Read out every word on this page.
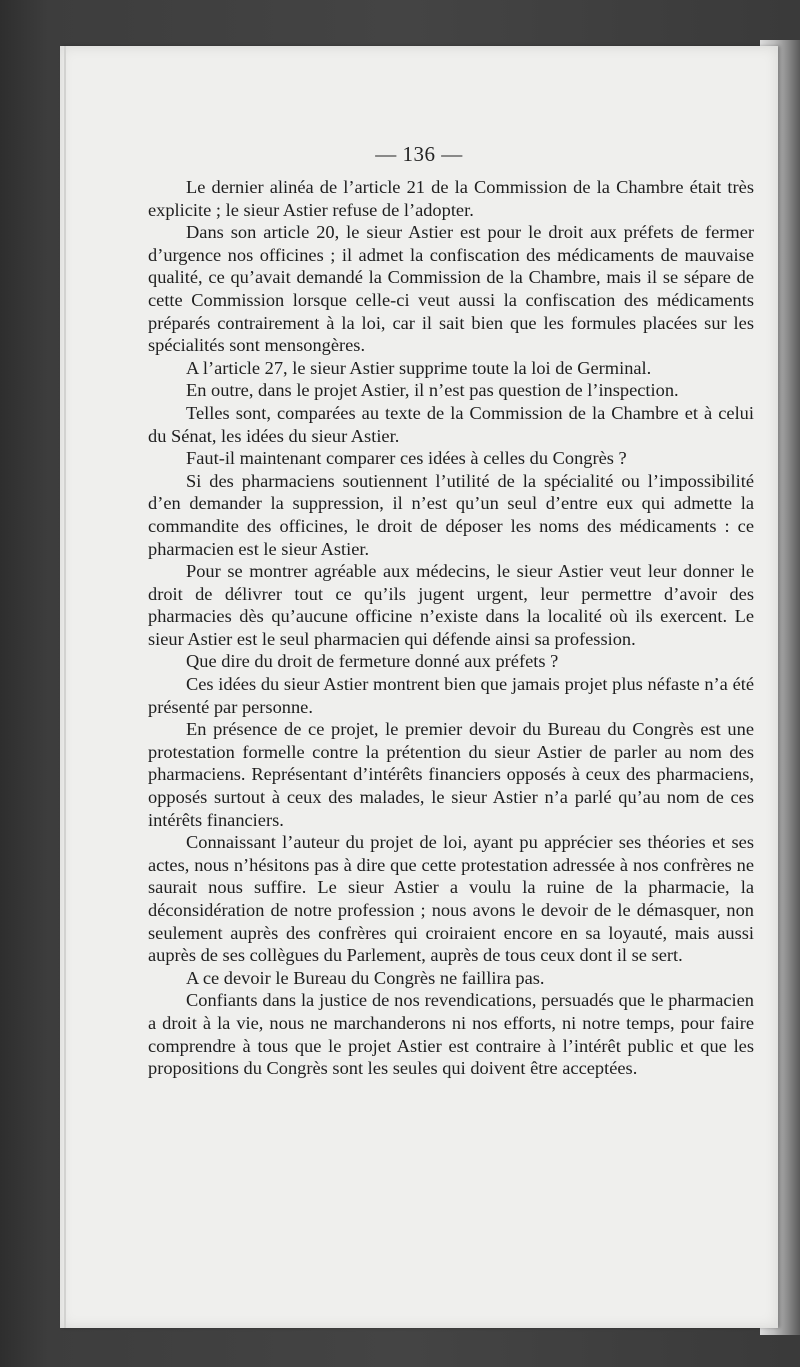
— 136 —

Le dernier alinéa de l’article 21 de la Commission de la Chambre était très explicite ; le sieur Astier refuse de l’adopter.

Dans son article 20, le sieur Astier est pour le droit aux préfets de fermer d’urgence nos officines ; il admet la confiscation des médicaments de mauvaise qualité, ce qu’avait demandé la Commission de la Chambre, mais il se sépare de cette Commission lorsque celle-ci veut aussi la confiscation des médicaments préparés contrairement à la loi, car il sait bien que les formules placées sur les spécialités sont mensongères.

A l’article 27, le sieur Astier supprime toute la loi de Germinal.

En outre, dans le projet Astier, il n’est pas question de l’inspection.

Telles sont, comparées au texte de la Commission de la Chambre et à celui du Sénat, les idées du sieur Astier.

Faut-il maintenant comparer ces idées à celles du Congrès ?

Si des pharmaciens soutiennent l’utilité de la spécialité ou l’impossibilité d’en demander la suppression, il n’est qu’un seul d’entre eux qui admette la commandite des officines, le droit de déposer les noms des médicaments : ce pharmacien est le sieur Astier.

Pour se montrer agréable aux médecins, le sieur Astier veut leur donner le droit de délivrer tout ce qu’ils jugent urgent, leur permettre d’avoir des pharmacies dès qu’aucune officine n’existe dans la localité où ils exercent. Le sieur Astier est le seul pharmacien qui défende ainsi sa profession.

Que dire du droit de fermeture donné aux préfets ?

Ces idées du sieur Astier montrent bien que jamais projet plus néfaste n’a été présenté par personne.

En présence de ce projet, le premier devoir du Bureau du Congrès est une protestation formelle contre la prétention du sieur Astier de parler au nom des pharmaciens. Représentant d’intérêts financiers opposés à ceux des pharmaciens, opposés surtout à ceux des malades, le sieur Astier n’a parlé qu’au nom de ces intérêts financiers.

Connaissant l’auteur du projet de loi, ayant pu apprécier ses théories et ses actes, nous n’hésitons pas à dire que cette protestation adressée à nos confrères ne saurait nous suffire. Le sieur Astier a voulu la ruine de la pharmacie, la déconsidération de notre profession ; nous avons le devoir de le démasquer, non seulement auprès des confrères qui croiraient encore en sa loyauté, mais aussi auprès de ses collègues du Parlement, auprès de tous ceux dont il se sert.

A ce devoir le Bureau du Congrès ne faillira pas.

Confiants dans la justice de nos revendications, persuadés que le pharmacien a droit à la vie, nous ne marchanderons ni nos efforts, ni notre temps, pour faire comprendre à tous que le projet Astier est contraire à l’intérêt public et que les propositions du Congrès sont les seules qui doivent être acceptées.
